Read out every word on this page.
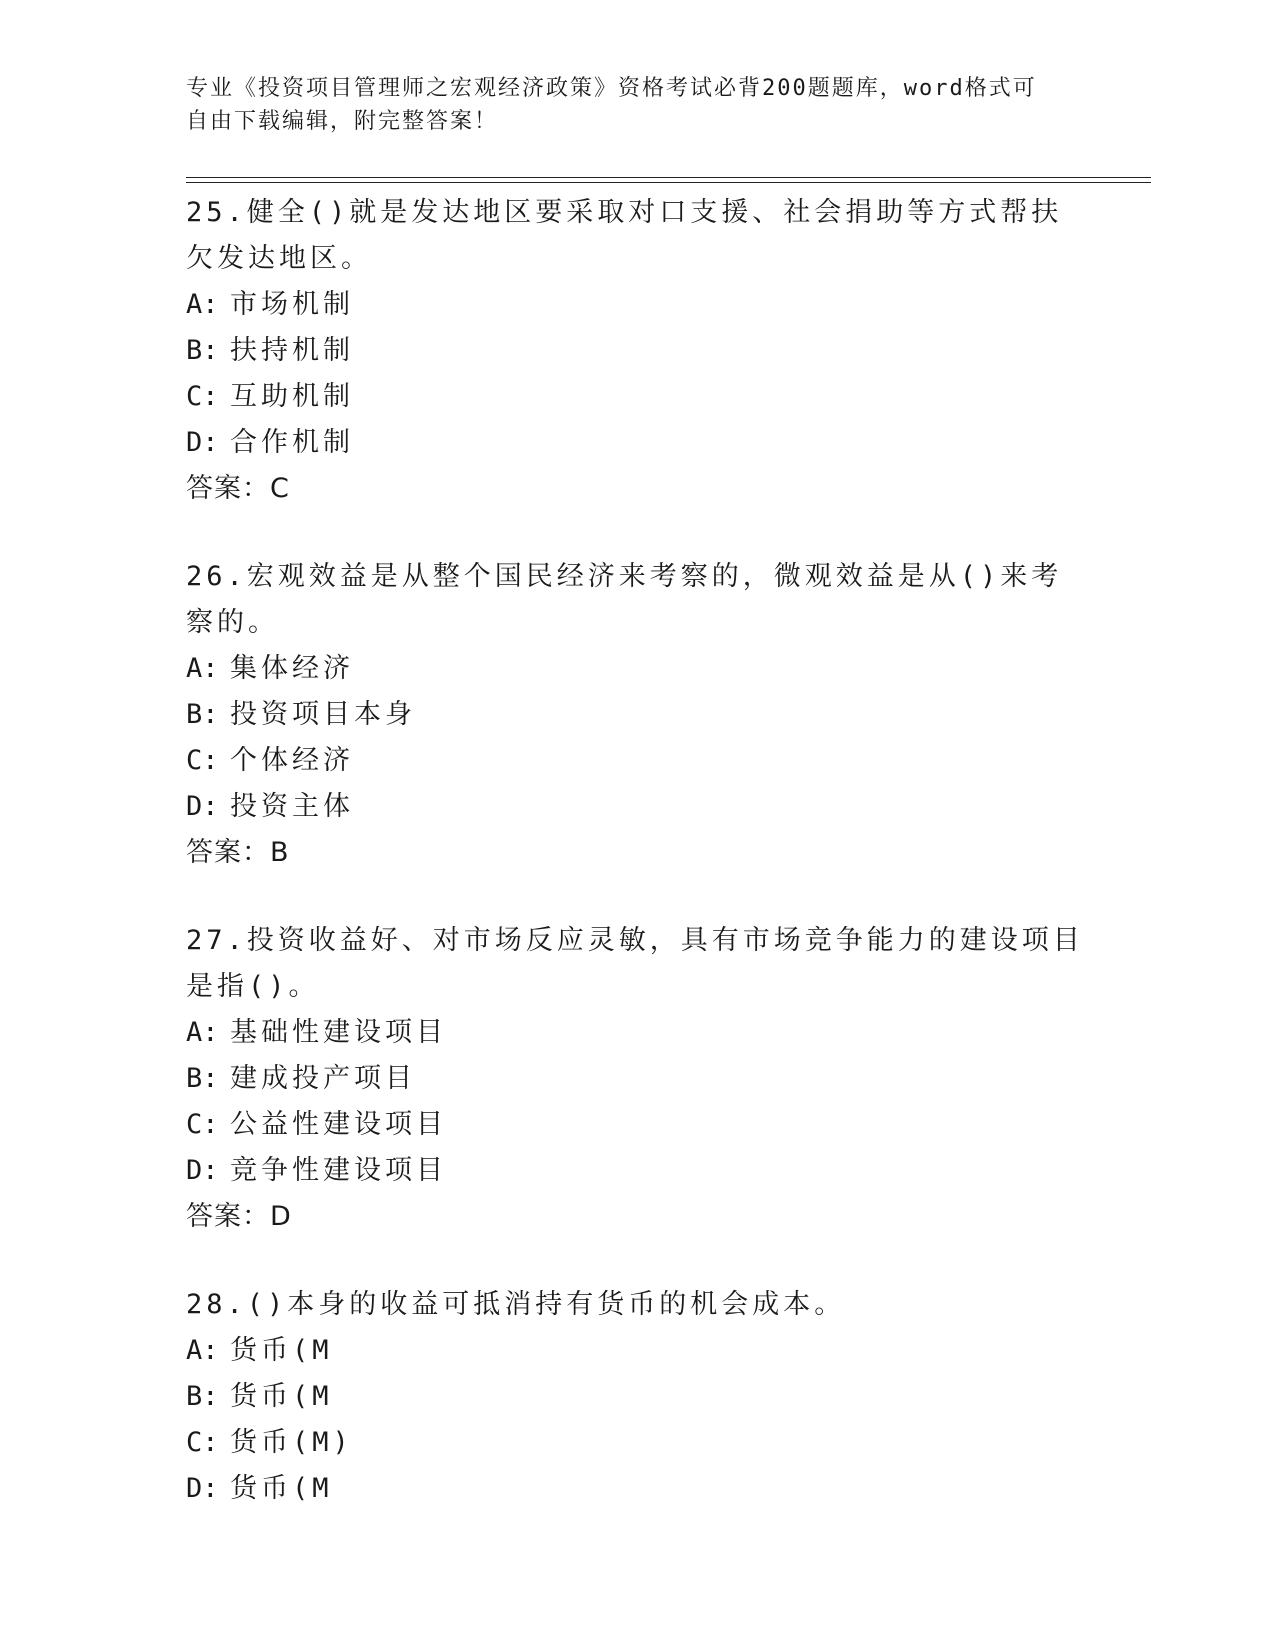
专业《投资项目管理师之宏观经济政策》资格考试必背200题题库，word格式可
自由下载编辑，附完整答案！

25.健全()就是发达地区要采取对口支援、社会捐助等方式帮扶欠发达地区。

A: 市场机制
B: 扶持机制
C: 互助机制
D: 合作机制
答案：C

26.宏观效益是从整个国民经济来考察的，微观效益是从()来考察的。

A: 集体经济
B: 投资项目本身
C: 个体经济
D: 投资主体
答案：B

27.投资收益好、对市场反应灵敏，具有市场竞争能力的建设项目是指()。

A: 基础性建设项目
B: 建成投产项目
C: 公益性建设项目
D: 竞争性建设项目
答案：D

28.()本身的收益可抵消持有货币的机会成本。

A: 货币(M
B: 货币(M
C: 货币(M)
D: 货币(M
